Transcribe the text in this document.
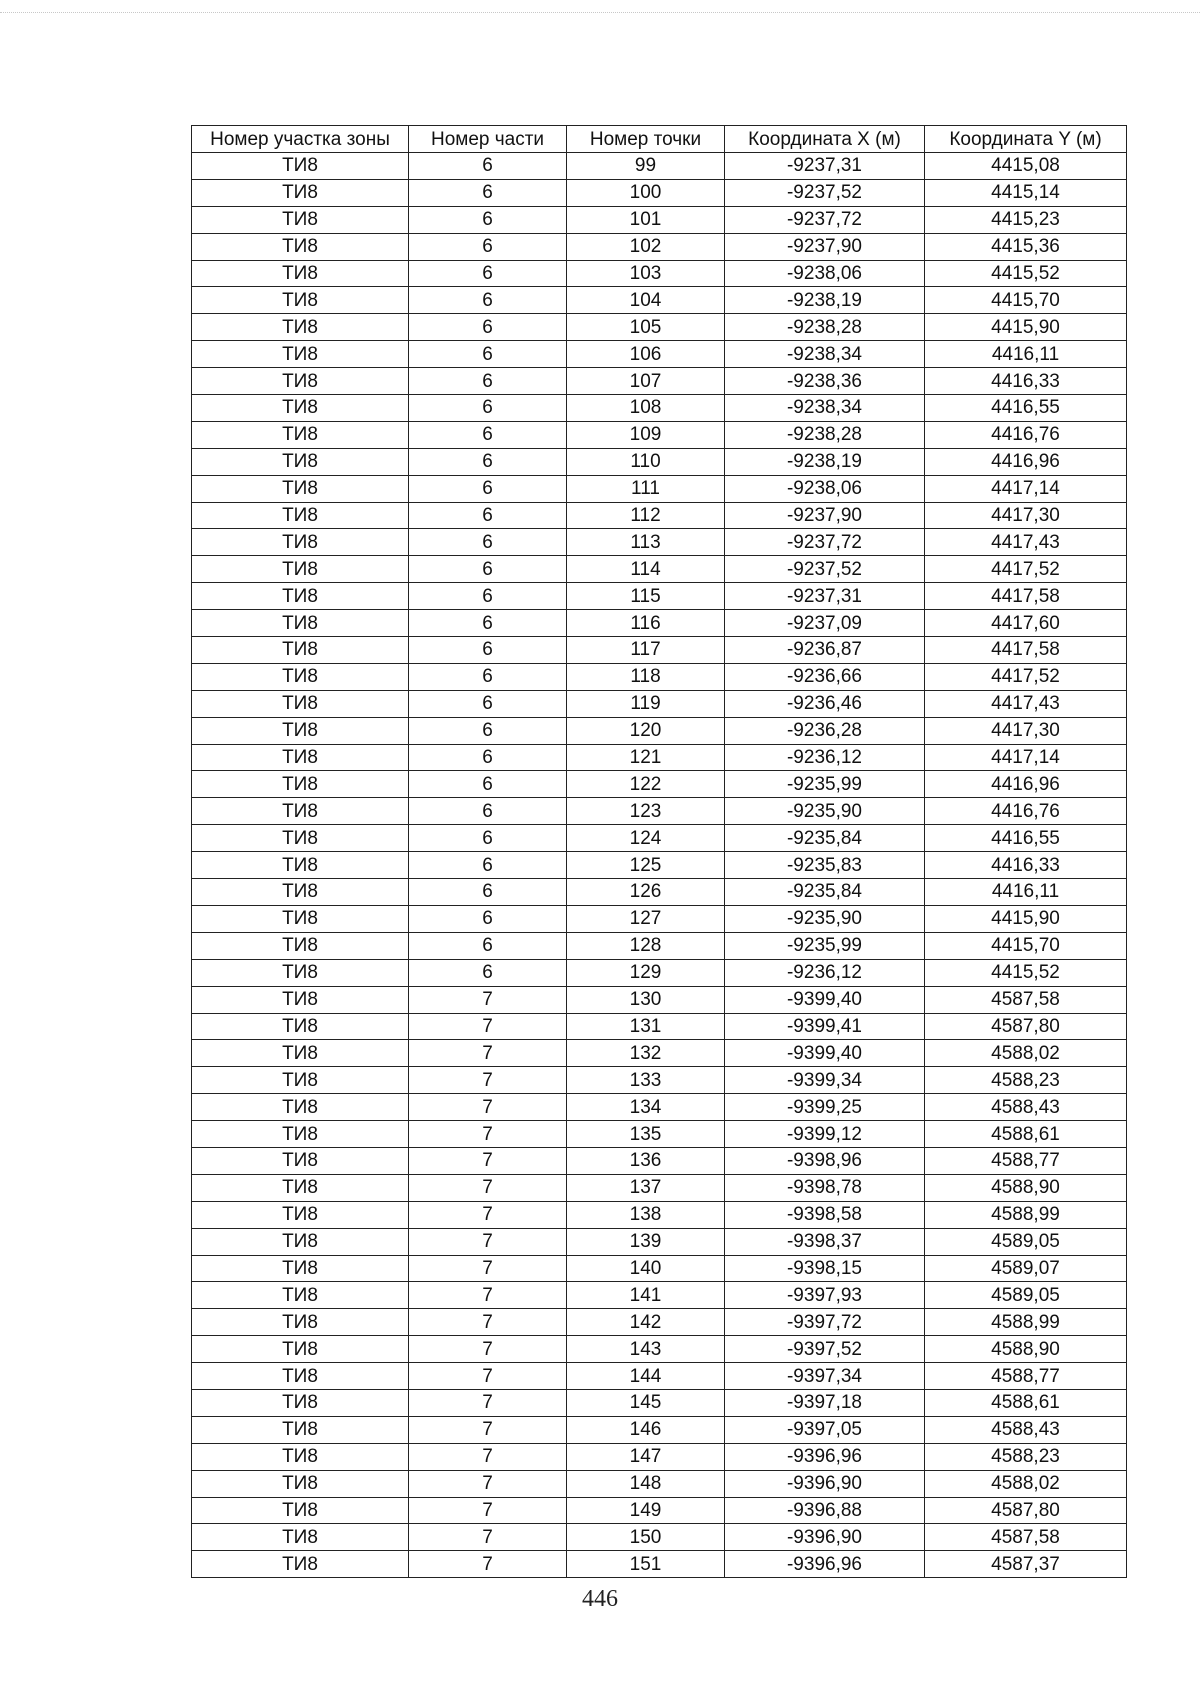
Номер участка зоны	Номер части	Номер точки	Координата X (м)	Координата Y (м)
ТИ8	6	99	-9237,31	4415,08
ТИ8	6	100	-9237,52	4415,14
ТИ8	6	101	-9237,72	4415,23
ТИ8	6	102	-9237,90	4415,36
ТИ8	6	103	-9238,06	4415,52
ТИ8	6	104	-9238,19	4415,70
ТИ8	6	105	-9238,28	4415,90
ТИ8	6	106	-9238,34	4416,11
ТИ8	6	107	-9238,36	4416,33
ТИ8	6	108	-9238,34	4416,55
ТИ8	6	109	-9238,28	4416,76
ТИ8	6	110	-9238,19	4416,96
ТИ8	6	111	-9238,06	4417,14
ТИ8	6	112	-9237,90	4417,30
ТИ8	6	113	-9237,72	4417,43
ТИ8	6	114	-9237,52	4417,52
ТИ8	6	115	-9237,31	4417,58
ТИ8	6	116	-9237,09	4417,60
ТИ8	6	117	-9236,87	4417,58
ТИ8	6	118	-9236,66	4417,52
ТИ8	6	119	-9236,46	4417,43
ТИ8	6	120	-9236,28	4417,30
ТИ8	6	121	-9236,12	4417,14
ТИ8	6	122	-9235,99	4416,96
ТИ8	6	123	-9235,90	4416,76
ТИ8	6	124	-9235,84	4416,55
ТИ8	6	125	-9235,83	4416,33
ТИ8	6	126	-9235,84	4416,11
ТИ8	6	127	-9235,90	4415,90
ТИ8	6	128	-9235,99	4415,70
ТИ8	6	129	-9236,12	4415,52
ТИ8	7	130	-9399,40	4587,58
ТИ8	7	131	-9399,41	4587,80
ТИ8	7	132	-9399,40	4588,02
ТИ8	7	133	-9399,34	4588,23
ТИ8	7	134	-9399,25	4588,43
ТИ8	7	135	-9399,12	4588,61
ТИ8	7	136	-9398,96	4588,77
ТИ8	7	137	-9398,78	4588,90
ТИ8	7	138	-9398,58	4588,99
ТИ8	7	139	-9398,37	4589,05
ТИ8	7	140	-9398,15	4589,07
ТИ8	7	141	-9397,93	4589,05
ТИ8	7	142	-9397,72	4588,99
ТИ8	7	143	-9397,52	4588,90
ТИ8	7	144	-9397,34	4588,77
ТИ8	7	145	-9397,18	4588,61
ТИ8	7	146	-9397,05	4588,43
ТИ8	7	147	-9396,96	4588,23
ТИ8	7	148	-9396,90	4588,02
ТИ8	7	149	-9396,88	4587,80
ТИ8	7	150	-9396,90	4587,58
ТИ8	7	151	-9396,96	4587,37
446
